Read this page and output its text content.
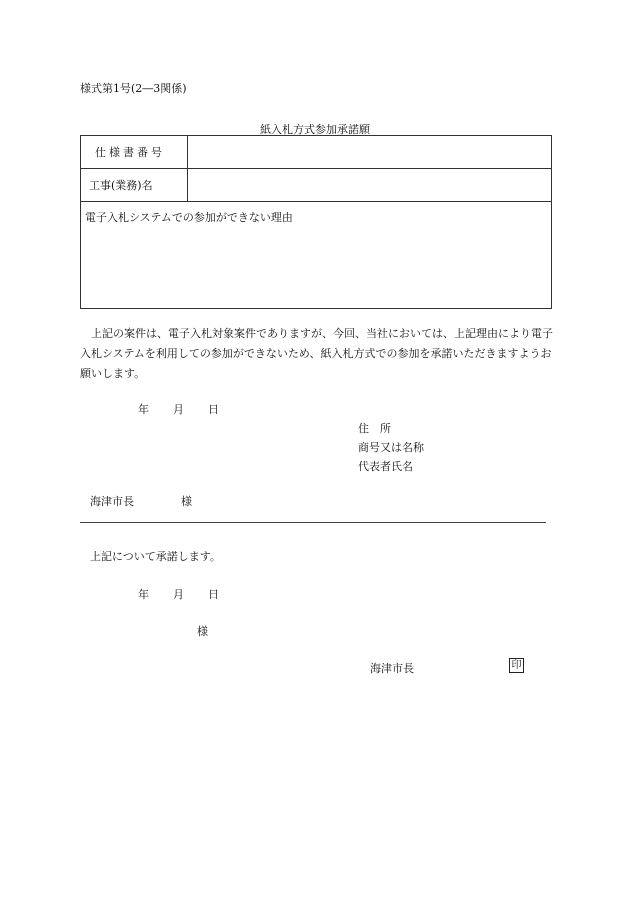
様式第1号(2―3関係)
紙入札方式参加承諾願
仕様書番号	
工事(業務)名	

電子入札システムでの参加ができない理由	
上記の案件は、電子入札対象案件でありますが、今回、当社においては、上記理由により電子入札システムを利用しての参加ができないため、紙入札方式での参加を承諾いただきますようお願いします。
年 月 日
住所
商号又は名称
代表者氏名
海津市長	様
上記について承諾します。
年 月 日
様
海津市長	印
